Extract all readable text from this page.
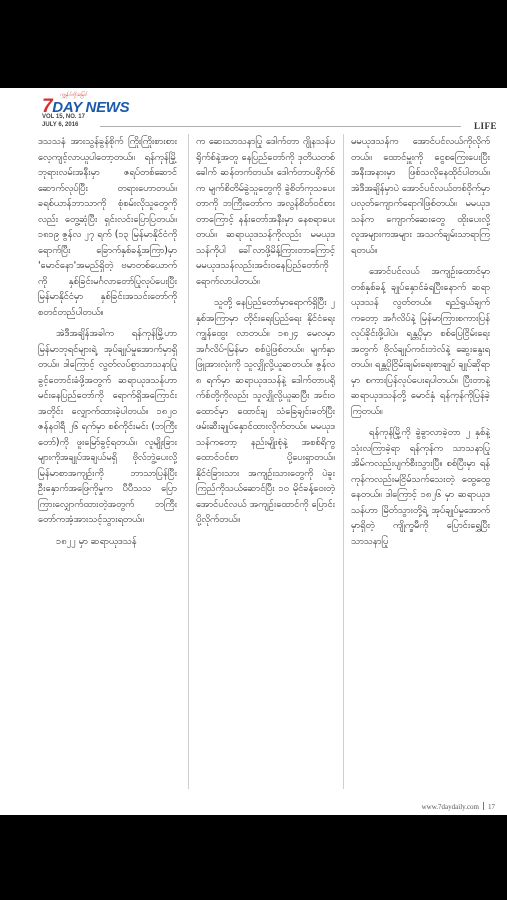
ကျွန်ုပ်တို့အမြင်
7DAY NEWS
VOL 15, NO. 17
JULY 6, 2016	LIFE

ဒသသနံ အားသွန်ခွန်စိုက် ကြိုးကြိုးစားစား လေ့ကျင့်လာယူပါတော့တယ်။ ရန်ကုန်မြို့ ဘုရားလမ်းအနီးမှာ ဇရပ်တစ်ဆောင် ဆောက်လုပ်ပြီး တရားဟောတယ်။ ခရစ်ယာန်ဘာသာကို စုံစမ်းလိုသူတွေကိုလည်း တွေ့ဆုံပြီး ရှင်းလင်းပြောပြတယ်။ ၁၈၁၉ ဇွန်လ ၂၇ ရက် (၁၃ မြန်မာနိုင်ငံကို ရောက်ပြီး ခြောက်နှစ်ခန့်အကြာ)မှာ 'မောင်နော'အမည်ရှိတဲ့ ဗမာတစ်ယောက်ကို နှစ်ခြင်းမင်္ဂလာတော်ပြုလုပ်ပေးပြီး မြန်မာနိုင်ငံမှာ နှစ်ခြင်းအသင်းတော်ကို စတင်တည်ပါတယ်။

အဲဒီအချိန်အခါက ရန်ကုန်မြို့ဟာ မြန်မာဘုရင်များရဲ့ အုပ်ချုပ်မှုအောက်မှာရှိတယ်။ ဒါကြောင့် လွတ်လပ်စွာသာသနာပြုခွင့်တောင်းခံဖို့အတွက် ဆရာယုဒသန်ဟာ မင်းနေပြည်တော်ကို ရောက်ရှိအကြောင်းအတိုင်း လျှောက်ထားခဲ့ပါတယ်။ ၁၈၂၀ ဇန်နဝါရီ ၂၆ ရက်မှာ စစ်ကိုင်းမင်း (ဘကြီးတော်)ကို ဖူးမြော်ခွင့်ရတယ်။ လူမျိုးခြားများကိုအချုပ်အချယ်မရှိ ဗိုလ်ဘွဲ့ပေးလို့ မြန်မာစာအကျဉ်းကို ဘာသာပြန်ပြီး ဦးနှောက်အဖြေကိုမှုက ပီပီသသ ပြောကြားလျှောက်ထားတဲ့အတွက် ဘကြီးတော်ကအံ့အားသင့်သွားရတယ်။

၁၈၂၂ မှာ ဆရာယုဒသန်

က ဆေးသာသနာပြု ဒေါက်တာ ဂျိုနသန်ပရိုက်စ်နဲ့အတူ နေပြည်တော်ကို ဒုတိယတစ်ခေါက် ဆန်တက်တယ်။ ဒေါက်တာပရိုက်စ်က မျက်စိတိမ်ခွဲသူတွေကို ခွဲစိတ်ကုသပေးတာကို ဘကြီးတော်က အလွန်စိတ်ဝင်စားတာကြောင့် နန်းတော်အနီးမှာ နေစရာပေးတယ်။ ဆရာယုဒသန်ကိုလည်း မမယုဒသန်ကိုပါ ခေါ်လာဖို့မိန့်ကြားတာကြောင့် မမယုဒသန်လည်းအင်းဝနေပြည်တော်ကို ရောက်လာပါတယ်။

သူတို့ နေပြည်တော်မှာရောက်ရှိပြီး ၂ နှစ်အကြာမှာ တိုင်းရေးပြည်ရေး နိုင်ငံရေးကျွန်ထွေး လာတယ်။ ၁၈၂၄ မေလမှာ အင်္ဂလိပ်-မြန်မာ စစ်ပွဲဖြစ်တယ်။ မျက်နှာဖြူအားလုံးကို သူလျှိုလို့ယူဆတယ်။ ဇွန်လ ၈ ရက်မှာ ဆရာယုဒသန်နဲ့ ဒေါက်တာပရိုက်စ်တို့ကိုလည်း သူလျှိုလို့ယူဆပြီး အင်းဝထောင်မှာ ထောင်ချ သံခြေချင်းခတ်ပြီး ဖမ်းဆီးချုပ်နှောင်ထားလိုက်တယ်။ မမယုဒသန်ကတော့ နည်းမျိုးစုံနဲ့ အစစ်ရိကွ ထောင်ဝင်စာ ပို့ပေးရှာတယ်။ နိုင်ငံခြားသား အကျဉ်းသားတွေကို ပဲခူးကြည်ကိုသယ်ဆောင်ပြီး ၁၀ မိုင်ခန့်ဝေးတဲ့ အောင်ပင်လယ် အကျဉ်းထောင်ကို ပြောင်းပို့လိုက်တယ်။

မမယုဒသန်က အောင်ပင်လယ်ကိုလိုက်တယ်။ ထောင်မှူးကို ငွေစကြေးပေးပြီး အနီးအနားမှာ ဖြစ်သလိုနေထိုင်ပါတယ်။ အဲဒီအချိန်မှာပဲ အောင်ပင်လယ်တစ်ဝိုက်မှာ ပလုတ်ကျောက်ရောဂါဖြစ်တယ်။ မမယုဒသန်က ကျောက်ဆေးတွေ ထိုးပေးလို့ လူအများကအများ အသက်ချမ်းသာရာကြရတယ်။

အောင်ပင်လယ် အကျဉ်းထောင်မှာ တစ်နှစ်ခန့် ချုပ်နှောင်ခံရပြီးနောက် ဆရာယုဒသန် လွတ်တယ်။ ရည်ရွယ်ချက်ကတော့ အင်္ဂလိပ်နဲ့ မြန်မာကြားစကားပြန်လုပ်ခိုင်းဖို့ပါပဲ။ ရန္တပိုမှာ စစ်ပြေငြိမ်းရေးအတွက် ဗိုလ်ချုပ်ကင်းဘဲလ်နဲ့ ဆွေးနွေးရတယ်။ ရန္တပိုငြိမ်းချမ်းရေးစာချုပ် ချုပ်ဆိုရာမှာ စကားပြန်လုပ်ပေးရပါတယ်။ ပြီးတာနဲ့ ဆရာယုဒသန်တို့ မောင်နှံ ရန်ကုန်ကိုပြန်ခဲ့ကြတယ်။

ရန်ကုန်မြို့ကို ခွဲခွာလာခဲ့တာ ၂ နှစ်နဲ့ သုံးလကြာခဲ့ရာ ရန်ကုန်က သာသနာပြုအိမ်ကလည်းပျက်စီးသွားပြီ။ စစ်ပြီးမှာ ရန်ကုန်ကလည်းမငြိမ်သက်သေးတဲ့ ထွေထွေနေတယ်။ ဒါကြောင့် ၁၈၂၆ မှာ ဆရာယုဒသန်ဟာ မြိတ်သွားတို့ရဲ့ အုပ်ချုပ်မှုအောက်မှာရှိတဲ့ ကျိုက္ခမီကို ပြောင်းရွှေ့ပြီး သာသနာပြု

www.7daydaily.com 17
